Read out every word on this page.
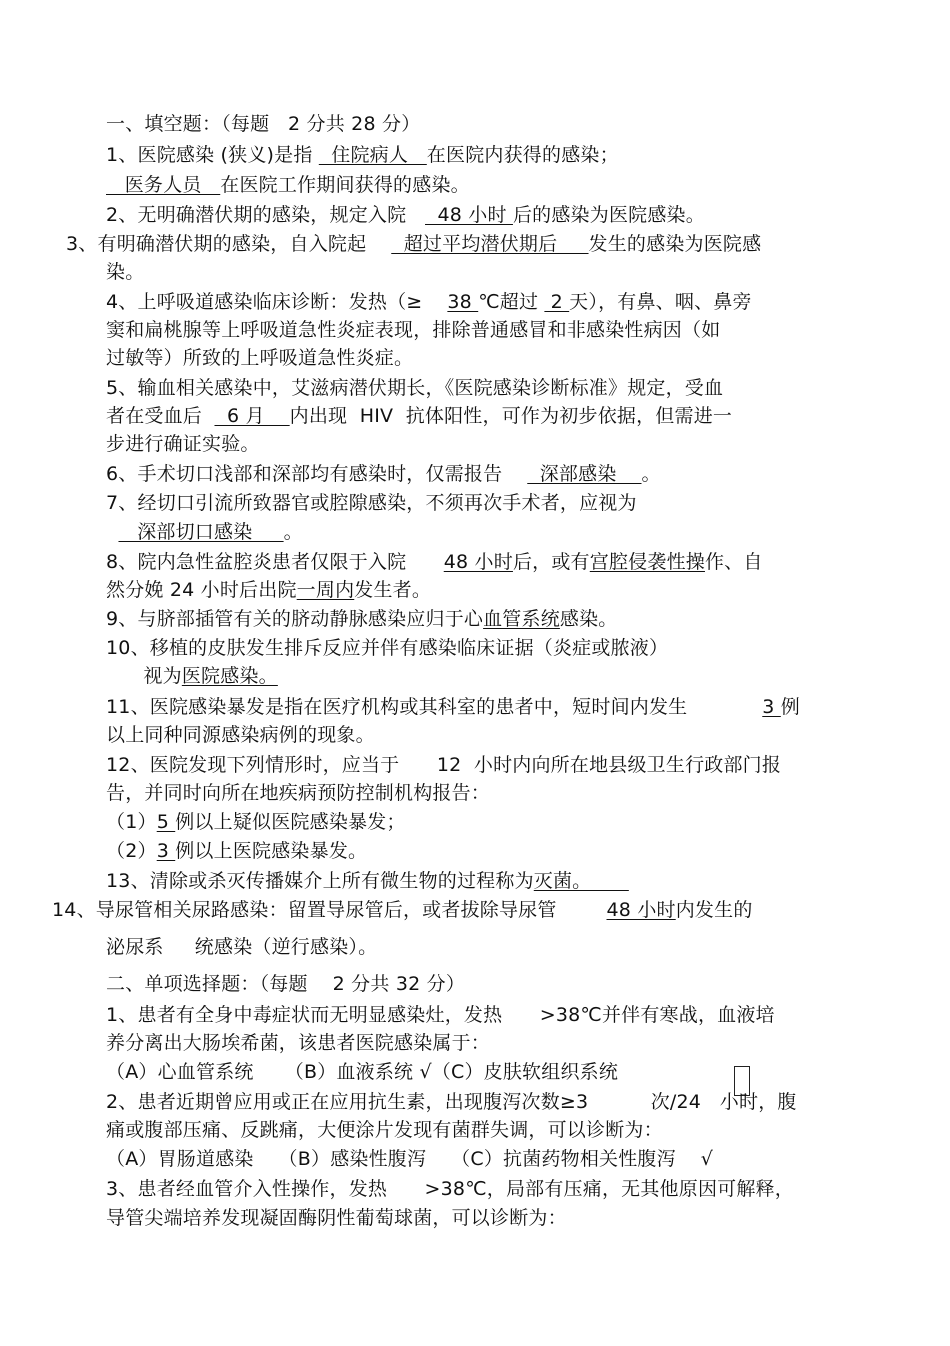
一、填空题：（每题   2 分共 28 分）
1、医院感染 (狭义)是指   住院病人   在医院内获得的感染；
医务人员   在医院工作期间获得的感染。
2、无明确潜伏期的感染，规定入院     48 小时 后的感染为医院感染。
3、有明确潜伏期的感染，自入院起      超过平均潜伏期后     发生的感染为医院感
染。
4、上呼吸道感染临床诊断：发热（≥    38 ℃超过  2 天），有鼻、咽、鼻旁
窦和扁桃腺等上呼吸道急性炎症表现，排除普通感冒和非感染性病因（如
过敏等）所致的上呼吸道急性炎症。
5、输血相关感染中，艾滋病潜伏期长，《医院感染诊断标准》规定，受血
者在受血后    6 月    内出现  HIV  抗体阳性，可作为初步依据，但需进一
步进行确证实验。
6、手术切口浅部和深部均有感染时，仅需报告      深部感染    。
7、经切口引流所致器官或腔隙感染，不须再次手术者，应视为
深部切口感染     。
8、院内急性盆腔炎患者仅限于入院      48 小时后，或有宫腔侵袭性操作、自
然分娩 24 小时后出院一周内发生者。
9、与脐部插管有关的脐动静脉感染应归于心血管系统感染。
10、移植的皮肤发生排斥反应并伴有感染临床证据（炎症或脓液）
视为医院感染。
11、医院感染暴发是指在医疗机构或其科室的患者中，短时间内发生            3 例
以上同种同源感染病例的现象。
12、医院发现下列情形时，应当于      12  小时内向所在地县级卫生行政部门报
告，并同时向所在地疾病预防控制机构报告：
（1）5 例以上疑似医院感染暴发；
（2）3 例以上医院感染暴发。
13、清除或杀灭传播媒介上所有微生物的过程称为灭菌。
14、导尿管相关尿路感染：留置导尿管后，或者拔除导尿管        48 小时内发生的
泌尿系     统感染（逆行感染）。
二、单项选择题：（每题    2 分共 32 分）
1、患者有全身中毒症状而无明显感染灶，发热      >38℃并伴有寒战，血液培
养分离出大肠埃希菌，该患者医院感染属于：
（A）心血管系统     （B）血液系统 √（C）皮肤软组织系统
2、患者近期曾应用或正在应用抗生素，出现腹泻次数≥3          次/24   小时，腹
痛或腹部压痛、反跳痛，大便涂片发现有菌群失调，可以诊断为：
（A）胃肠道感染    （B）感染性腹泻    （C）抗菌药物相关性腹泻    √
3、患者经血管介入性操作，发热      >38℃，局部有压痛，无其他原因可解释，
导管尖端培养发现凝固酶阴性葡萄球菌，可以诊断为：
